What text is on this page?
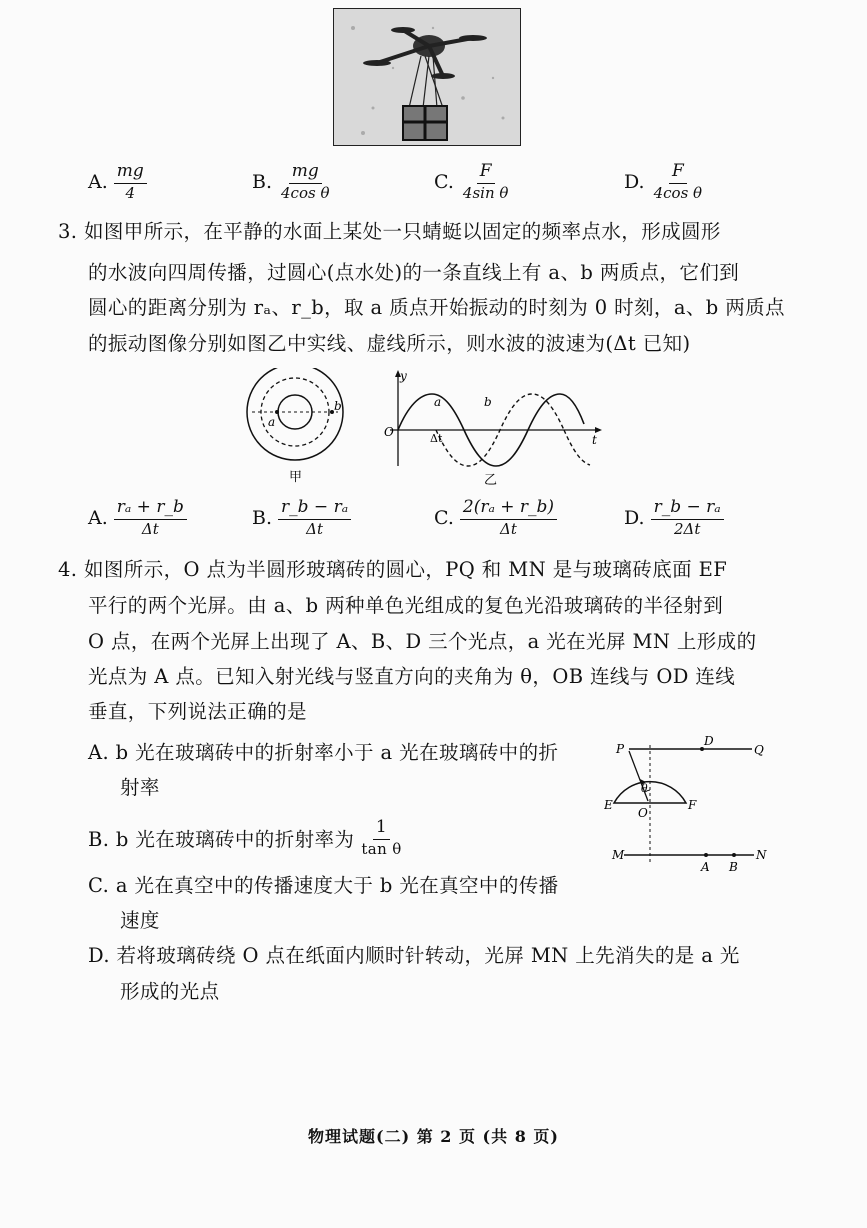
A. $\frac{mg}{4}$	B. $\frac{mg}{\text{4cos θ}}$	C. $\frac{F}{\text{4sin θ}}$	D. $\frac{F}{\text{4cos θ}}$
3. 如图甲所示，在平静的水面上某处一只蜻蜓以固定的频率点水，形成圆形
的水波向四周传播，过圆心(点水处)的一条直线上有 a、b 两质点，它们到
圆心的距离分别为 rₐ、r_b，取 a 质点开始振动的时刻为 0 时刻，a、b 两质点
的振动图像分别如图乙中实线、虚线所示，则水波的波速为(Δt 已知)
a
b
甲
y
O
t
a	b
Δt
乙
A. $\frac{\text{rₐ + r\_b}}{\Delta t}$	B. $\frac{\text{r\_b − rₐ}}{\Delta t}$	C. $\frac{\text{2(rₐ + r\_b)}}{\Delta t}$	D. $\frac{\text{r\_b − rₐ}}{2\Delta t}$
4. 如图所示，O 点为半圆形玻璃砖的圆心，PQ 和 MN 是与玻璃砖底面 EF
平行的两个光屏。由 a、b 两种单色光组成的复色光沿玻璃砖的半径射到
O 点，在两个光屏上出现了 A、B、D 三个光点，a 光在光屏 MN 上形成的
光点为 A 点。已知入射光线与竖直方向的夹角为 θ，OB 连线与 OD 连线
垂直，下列说法正确的是
A. b 光在玻璃砖中的折射率小于 a 光在玻璃砖中的折
射率
B. b 光在玻璃砖中的折射率为 $\frac{1}{\text{tan θ}}$
C. a 光在真空中的传播速度大于 b 光在真空中的传播
速度
D. 若将玻璃砖绕 O 点在纸面内顺时针转动，光屏 MN 上先消失的是 a 光
形成的光点
P
D
Q
E	F
O
θ
M
A B
N
物理试题(二) 第 2 页 (共 8 页)
